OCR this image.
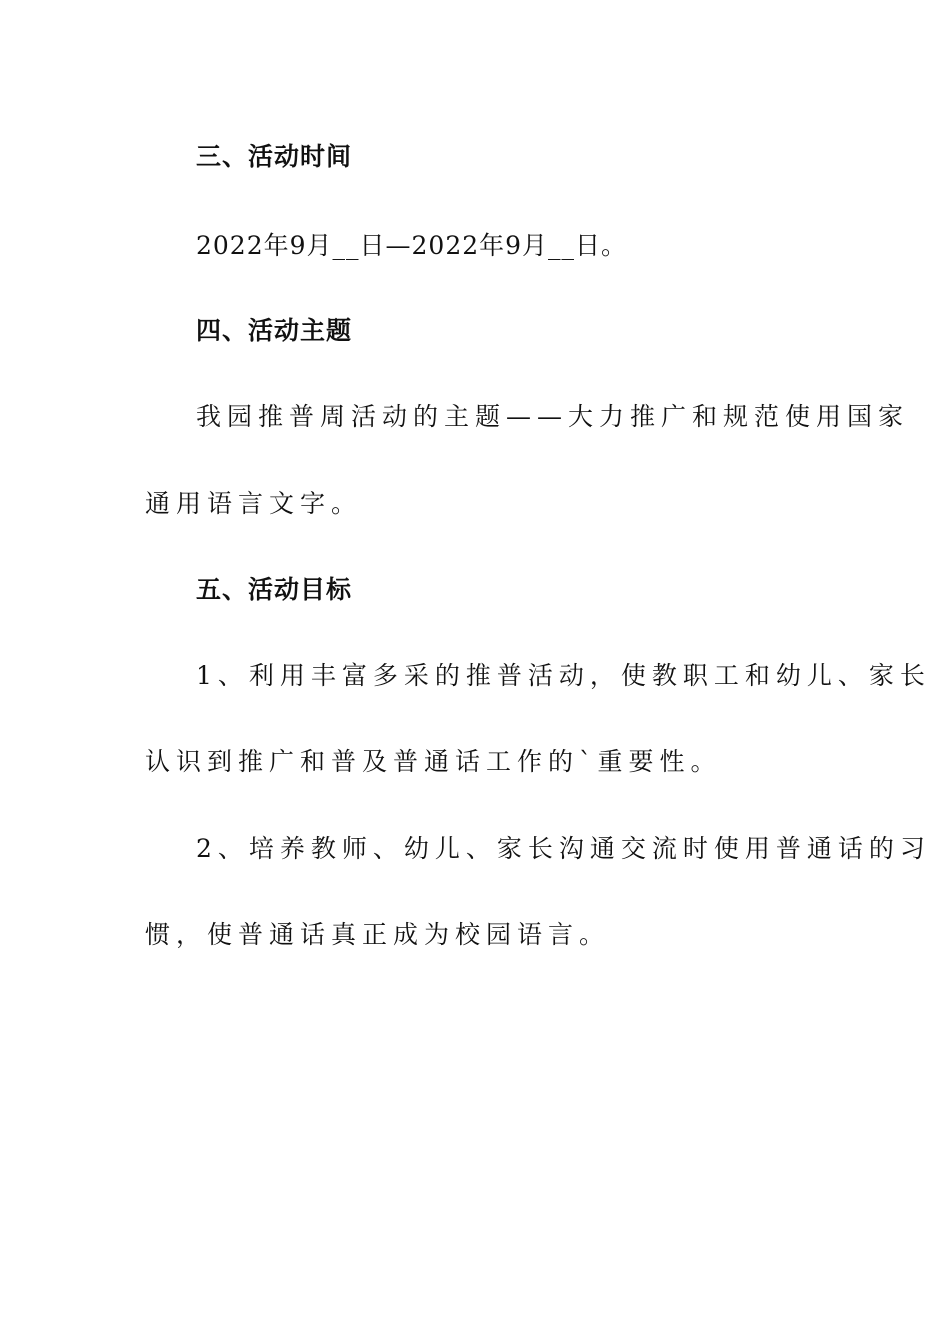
三、活动时间
2022年9月__日—2022年9月__日。
四、活动主题
我园推普周活动的主题——大力推广和规范使用国家
通用语言文字。
五、活动目标
1、利用丰富多采的推普活动，使教职工和幼儿、家长
认识到推广和普及普通话工作的`重要性。
2、培养教师、幼儿、家长沟通交流时使用普通话的习
惯，使普通话真正成为校园语言。
